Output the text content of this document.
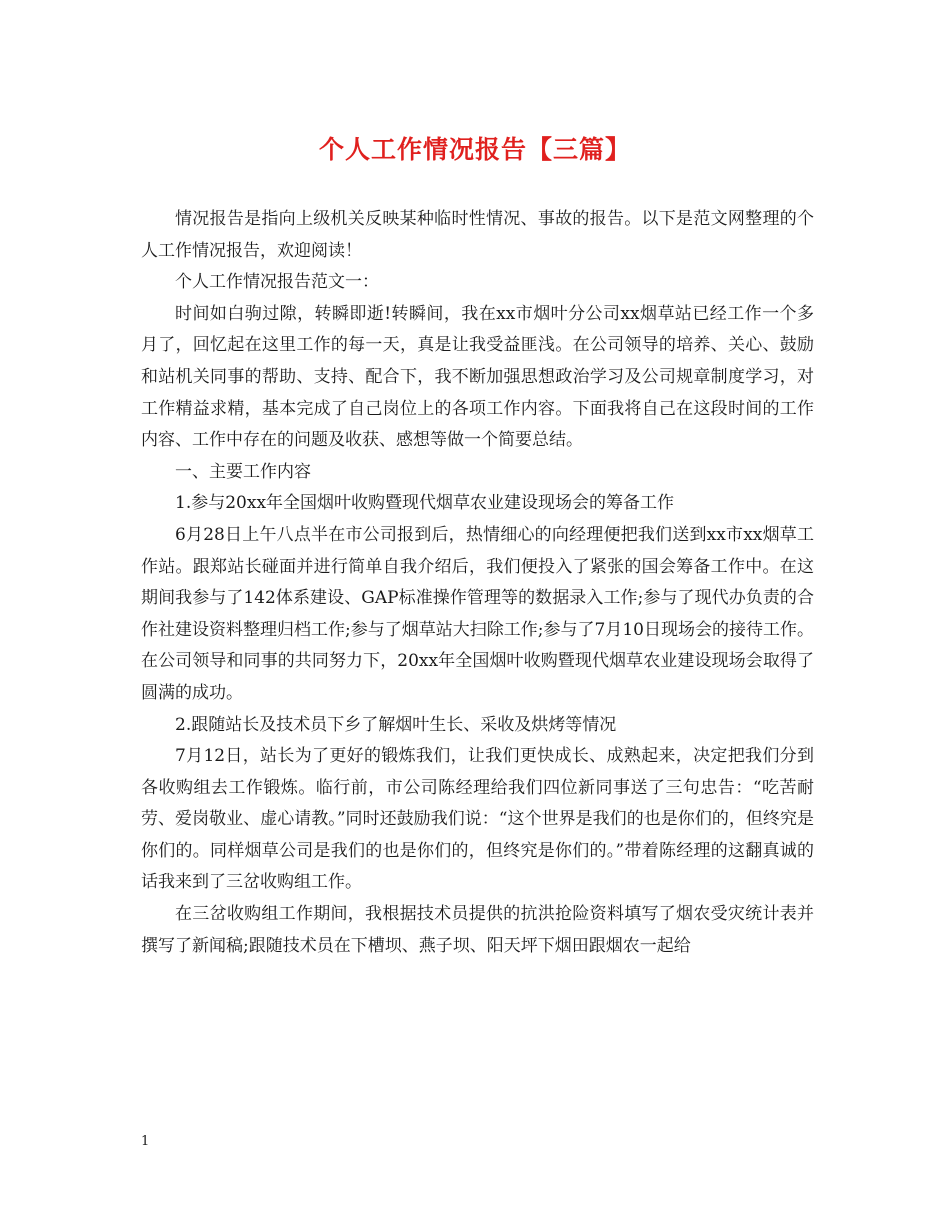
个人工作情况报告【三篇】

情况报告是指向上级机关反映某种临时性情况、事故的报告。以下是范文网整理的个人工作情况报告，欢迎阅读！

个人工作情况报告范文一：

时间如白驹过隙，转瞬即逝!转瞬间，我在xx市烟叶分公司xx烟草站已经工作一个多月了，回忆起在这里工作的每一天，真是让我受益匪浅。在公司领导的培养、关心、鼓励和站机关同事的帮助、支持、配合下，我不断加强思想政治学习及公司规章制度学习，对工作精益求精，基本完成了自己岗位上的各项工作内容。下面我将自己在这段时间的工作内容、工作中存在的问题及收获、感想等做一个简要总结。

一、主要工作内容

1.参与20xx年全国烟叶收购暨现代烟草农业建设现场会的筹备工作

6月28日上午八点半在市公司报到后，热情细心的向经理便把我们送到xx市xx烟草工作站。跟郑站长碰面并进行简单自我介绍后，我们便投入了紧张的国会筹备工作中。在这期间我参与了142体系建设、GAP标准操作管理等的数据录入工作;参与了现代办负责的合作社建设资料整理归档工作;参与了烟草站大扫除工作;参与了7月10日现场会的接待工作。在公司领导和同事的共同努力下，20xx年全国烟叶收购暨现代烟草农业建设现场会取得了圆满的成功。

2.跟随站长及技术员下乡了解烟叶生长、采收及烘烤等情况

7月12日，站长为了更好的锻炼我们，让我们更快成长、成熟起来，决定把我们分到各收购组去工作锻炼。临行前，市公司陈经理给我们四位新同事送了三句忠告：“吃苦耐劳、爱岗敬业、虚心请教。”同时还鼓励我们说：“这个世界是我们的也是你们的，但终究是你们的。同样烟草公司是我们的也是你们的，但终究是你们的。”带着陈经理的这翻真诚的话我来到了三岔收购组工作。

在三岔收购组工作期间，我根据技术员提供的抗洪抢险资料填写了烟农受灾统计表并撰写了新闻稿;跟随技术员在下槽坝、燕子坝、阳天坪下烟田跟烟农一起给

1
